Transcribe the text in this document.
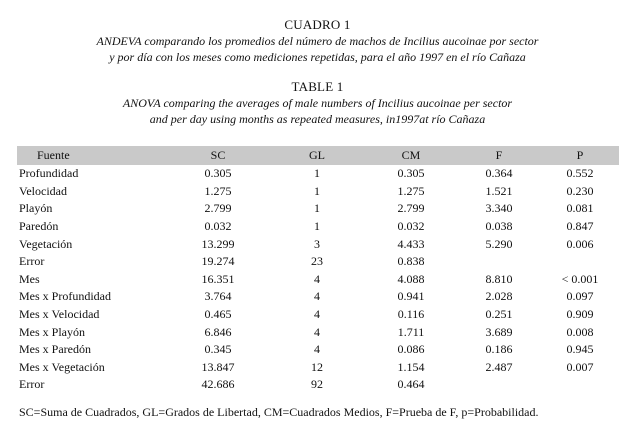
CUADRO 1
ANDEVA comparando los promedios del número de machos de Incilius aucoinae por sector
y por día con los meses como mediciones repetidas, para el año 1997 en el río Cañaza
TABLE 1
ANOVA comparing the averages of male numbers of Incilius aucoinae per sector
and per day using months as repeated measures, in1997at río Cañaza
Fuente	SC	GL	CM	F	P
Profundidad	0.305	1	0.305	0.364	0.552
Velocidad	1.275	1	1.275	1.521	0.230
Playón	2.799	1	2.799	3.340	0.081
Paredón	0.032	1	0.032	0.038	0.847
Vegetación	13.299	3	4.433	5.290	0.006
Error	19.274	23	0.838		
Mes	16.351	4	4.088	8.810	< 0.001
Mes x Profundidad	3.764	4	0.941	2.028	0.097
Mes x Velocidad	0.465	4	0.116	0.251	0.909
Mes x Playón	6.846	4	1.711	3.689	0.008
Mes x Paredón	0.345	4	0.086	0.186	0.945
Mes x Vegetación	13.847	12	1.154	2.487	0.007
Error	42.686	92	0.464		
SC=Suma de Cuadrados, GL=Grados de Libertad, CM=Cuadrados Medios, F=Prueba de F, p=Probabilidad.
